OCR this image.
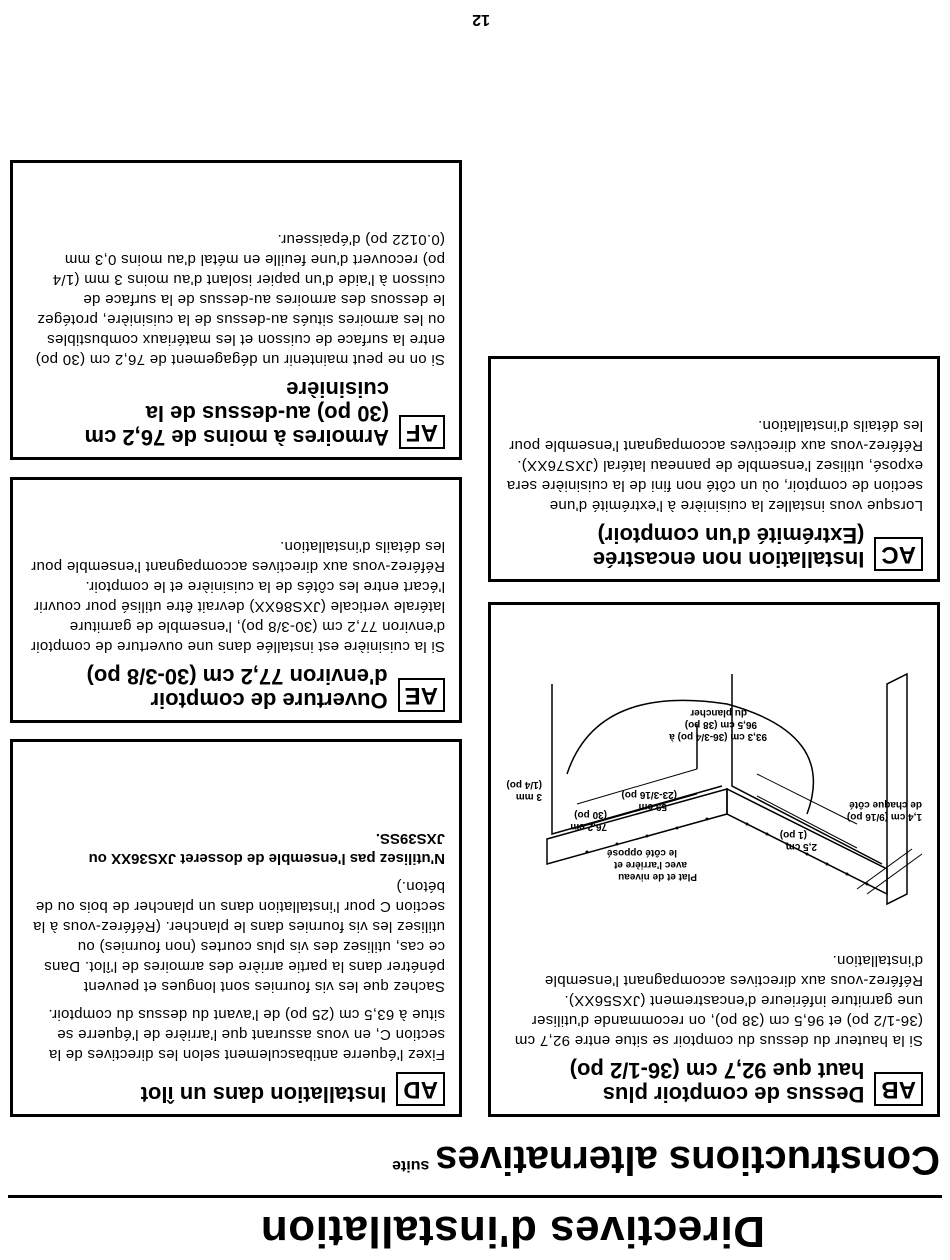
Directives d'installation
Constructions alternatives$^{suite}$
AB
Dessus de comptoir plus
haut que 92,7 cm (36-1/2 po)

Si la hauteur du dessus du comptoir se situe entre 92,7 cm (36-1/2 po) et 96,5 cm (38 po), on recommande d'utiliser une garniture inférieure d'encastrement (JXS56XX). Référez-vous aux directives accompagnant l'ensemble d'installation.

Plat et de niveau
avec l'arrière et
le côté opposé
76,2 cm
(30 po)
59 cm
(23-3/16 po)
3 mm
(1/4 po)
2,5 cm
(1 po)
1,4 cm (9/16 po)
de chaque côté
93,3 cm (36-3/4 po) à
96,5 cm (38 po)
du plancher
AC
Installation non encastrée
(Extrémité d'un comptoir)

Lorsque vous installez la cuisinière à l'extrémité d'une section de comptoir, où un côté non fini de la cuisinière sera exposé, utilisez l'ensemble de panneau latéral (JXS76XX). Référez-vous aux directives accompagnant l'ensemble pour les détails d'installation.

AD
Installation dans un îlot

Fixez l'équerre antibasculement selon les directives de la section C, en vous assurant que l'arrière de l'équerre se situe à 63,5 cm (25 po) de l'avant du dessus du comptoir.

Sachez que les vis fournies sont longues et peuvent pénétrer dans la partie arrière des armoires de l'îlot. Dans ce cas, utilisez des vis plus courtes (non fournies) ou utilisez les vis fournies dans le plancher. (Référez-vous à la section C pour l'installation dans un plancher de bois ou de béton.)

N'utilisez pas l'ensemble de dosseret JXS36XX ou JXS39SS.

AE
Ouverture de comptoir
d'environ 77,2 cm (30-3/8 po)

Si la cuisinière est installée dans une ouverture de comptoir d'environ 77,2 cm (30-3/8 po), l'ensemble de garniture latérale verticale (JXS86XX) devrait être utilisé pour couvrir l'écart entre les côtés de la cuisinière et le comptoir. Référez-vous aux directives accompagnant l'ensemble pour les détails d'installation.

AF
Armoires à moins de 76,2 cm
(30 po) au-dessus de la
cuisinière

Si on ne peut maintenir un dégagement de 76,2 cm (30 po) entre la surface de cuisson et les matériaux combustibles ou les armoires situés au-dessus de la cuisinière, protégez le dessous des armoires au-dessus de la surface de cuisson à l'aide d'un papier isolant d'au moins 3 mm (1/4 po) recouvert d'une feuille en métal d'au moins 0,3 mm (0.0122 po) d'épaisseur.

12
